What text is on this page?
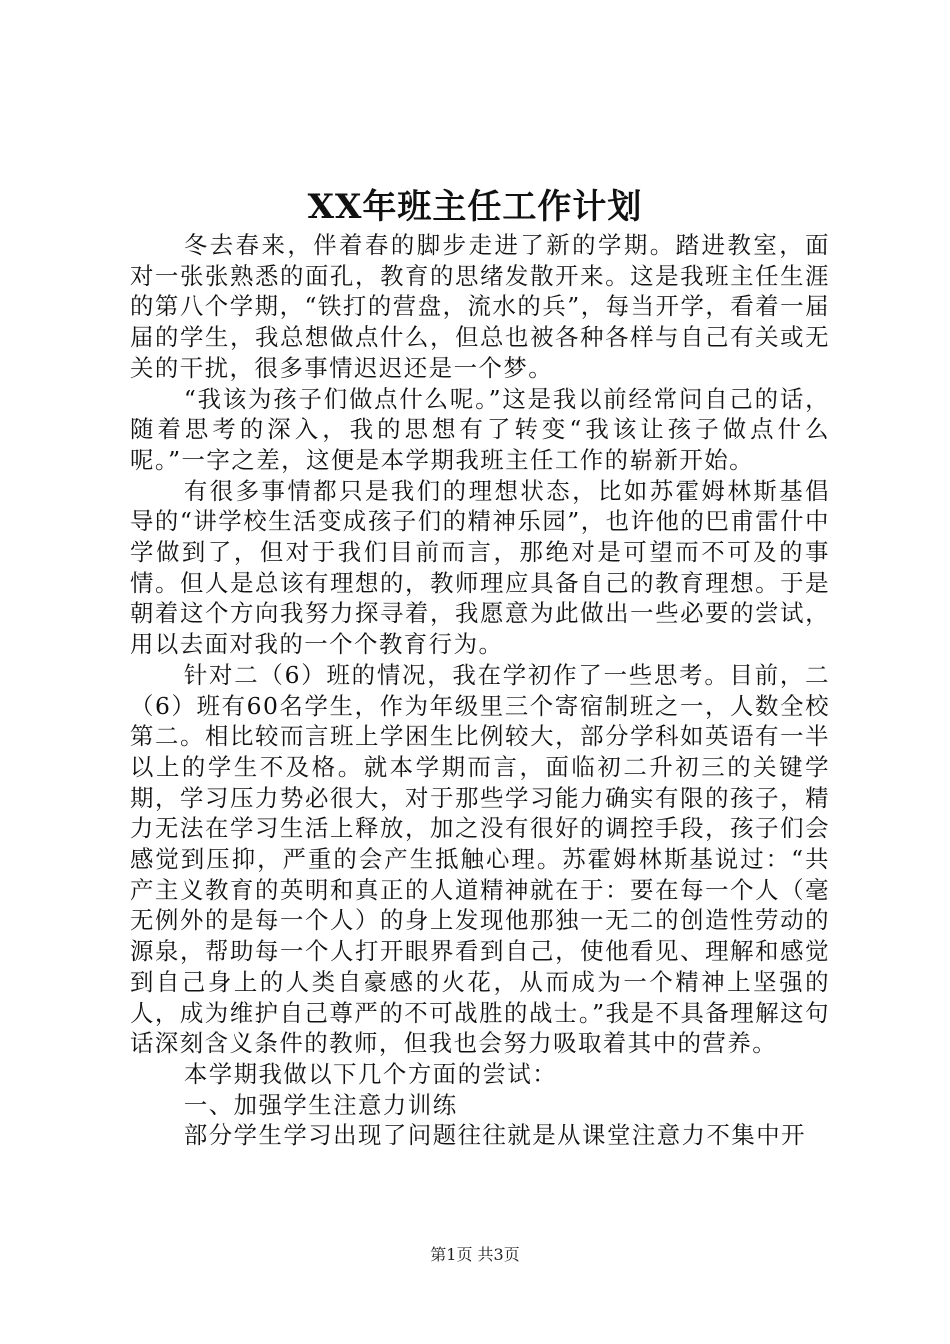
XX年班主任工作计划

冬去春来，伴着春的脚步走进了新的学期。踏进教室，面对一张张熟悉的面孔，教育的思绪发散开来。这是我班主任生涯的第八个学期，“铁打的营盘，流水的兵”，每当开学，看着一届届的学生，我总想做点什么，但总也被各种各样与自己有关或无关的干扰，很多事情迟迟还是一个梦。

“我该为孩子们做点什么呢。”这是我以前经常问自己的话，随着思考的深入，我的思想有了转变“我该让孩子做点什么呢。”一字之差，这便是本学期我班主任工作的崭新开始。

有很多事情都只是我们的理想状态，比如苏霍姆林斯基倡导的“讲学校生活变成孩子们的精神乐园”，也许他的巴甫雷什中学做到了，但对于我们目前而言，那绝对是可望而不可及的事情。但人是总该有理想的，教师理应具备自己的教育理想。于是朝着这个方向我努力探寻着，我愿意为此做出一些必要的尝试，用以去面对我的一个个教育行为。

针对二（6）班的情况，我在学初作了一些思考。目前，二（6）班有60名学生，作为年级里三个寄宿制班之一，人数全校第二。相比较而言班上学困生比例较大，部分学科如英语有一半以上的学生不及格。就本学期而言，面临初二升初三的关键学期，学习压力势必很大，对于那些学习能力确实有限的孩子，精力无法在学习生活上释放，加之没有很好的调控手段，孩子们会感觉到压抑，严重的会产生抵触心理。苏霍姆林斯基说过：“共产主义教育的英明和真正的人道精神就在于：要在每一个人（毫无例外的是每一个人）的身上发现他那独一无二的创造性劳动的源泉，帮助每一个人打开眼界看到自己，使他看见、理解和感觉到自己身上的人类自豪感的火花，从而成为一个精神上坚强的人，成为维护自己尊严的不可战胜的战士。”我是不具备理解这句话深刻含义条件的教师，但我也会努力吸取着其中的营养。

本学期我做以下几个方面的尝试：

一、加强学生注意力训练

部分学生学习出现了问题往往就是从课堂注意力不集中开

第1页 共3页
